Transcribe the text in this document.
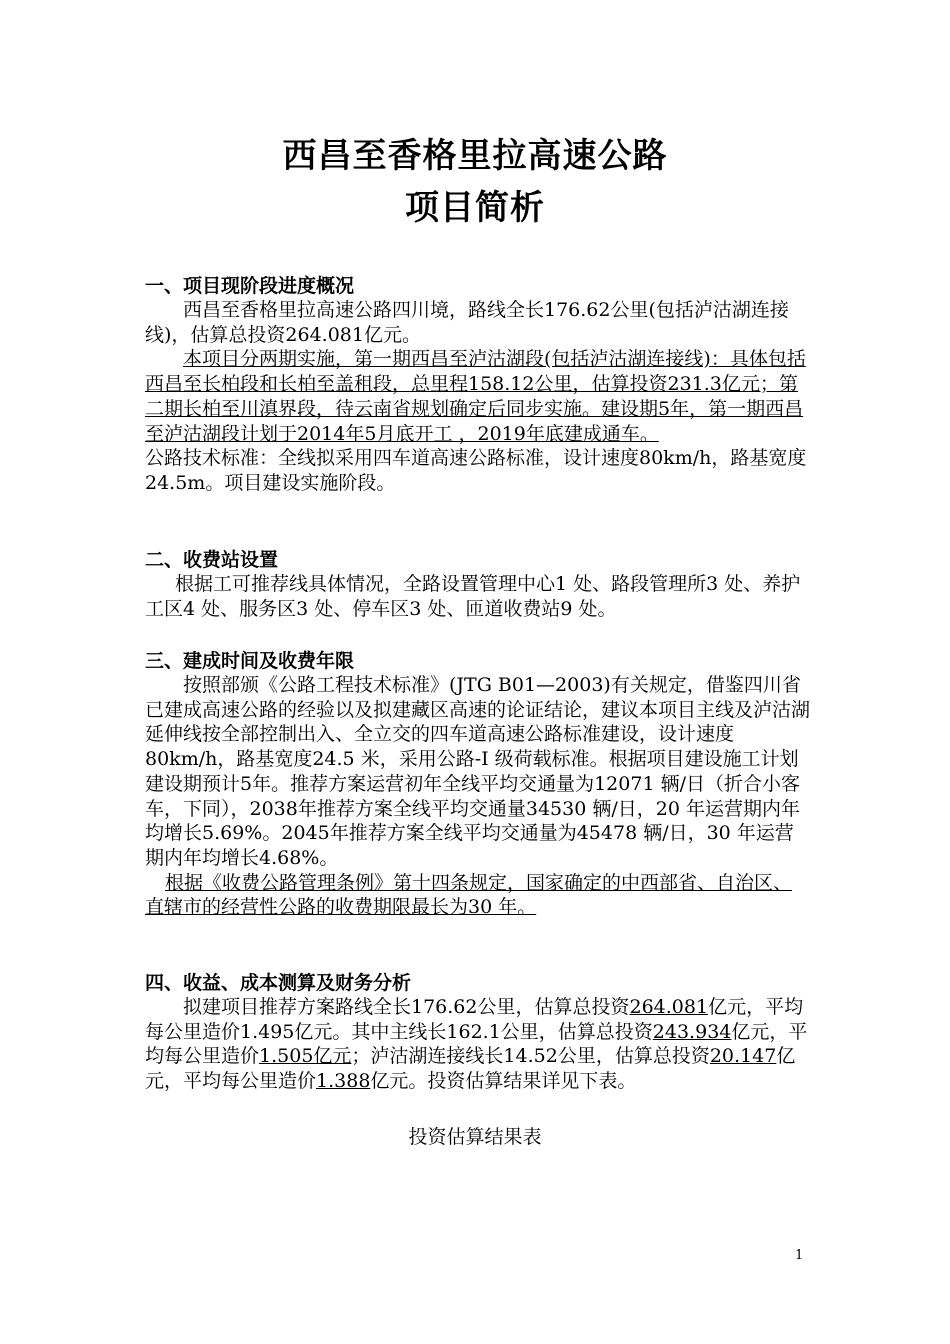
西昌至香格里拉高速公路
项目简析
一、项目现阶段进度概况

西昌至香格里拉高速公路四川境，路线全长176.62公里(包括泸沽湖连接线)，估算总投资264.081亿元。

本项目分两期实施，第一期西昌至泸沽湖段(包括泸沽湖连接线)：具体包括西昌至长柏段和长柏至盖租段，总里程158.12公里，估算投资231.3亿元；第二期长柏至川滇界段，待云南省规划确定后同步实施。建设期5年，第一期西昌至泸沽湖段计划于2014年5月底开工 ，2019年底建成通车。

公路技术标准：全线拟采用四车道高速公路标准，设计速度80km/h，路基宽度24.5m。项目建设实施阶段。

二、收费站设置

根据工可推荐线具体情况，全路设置管理中心1 处、路段管理所3 处、养护工区4 处、服务区3 处、停车区3 处、匝道收费站9 处。

三、建成时间及收费年限

按照部颁《公路工程技术标准》(JTG B01—2003)有关规定，借鉴四川省已建成高速公路的经验以及拟建藏区高速的论证结论，建议本项目主线及泸沽湖延伸线按全部控制出入、全立交的四车道高速公路标准建设，设计速度80km/h，路基宽度24.5 米，采用公路-I 级荷载标准。根据项目建设施工计划建设期预计5年。推荐方案运营初年全线平均交通量为12071 辆/日（折合小客车，下同），2038年推荐方案全线平均交通量34530 辆/日，20 年运营期内年均增长5.69%。2045年推荐方案全线平均交通量为45478 辆/日，30 年运营期内年均增长4.68%。

根据《收费公路管理条例》第十四条规定，国家确定的中西部省、自治区、直辖市的经营性公路的收费期限最长为30 年。

四、收益、成本测算及财务分析

拟建项目推荐方案路线全长176.62公里，估算总投资264.081亿元，平均每公里造价1.495亿元。其中主线长162.1公里，估算总投资243.934亿元，平均每公里造价1.505亿元；泸沽湖连接线长14.52公里，估算总投资20.147亿元，平均每公里造价1.388亿元。投资估算结果详见下表。

投资估算结果表
1
